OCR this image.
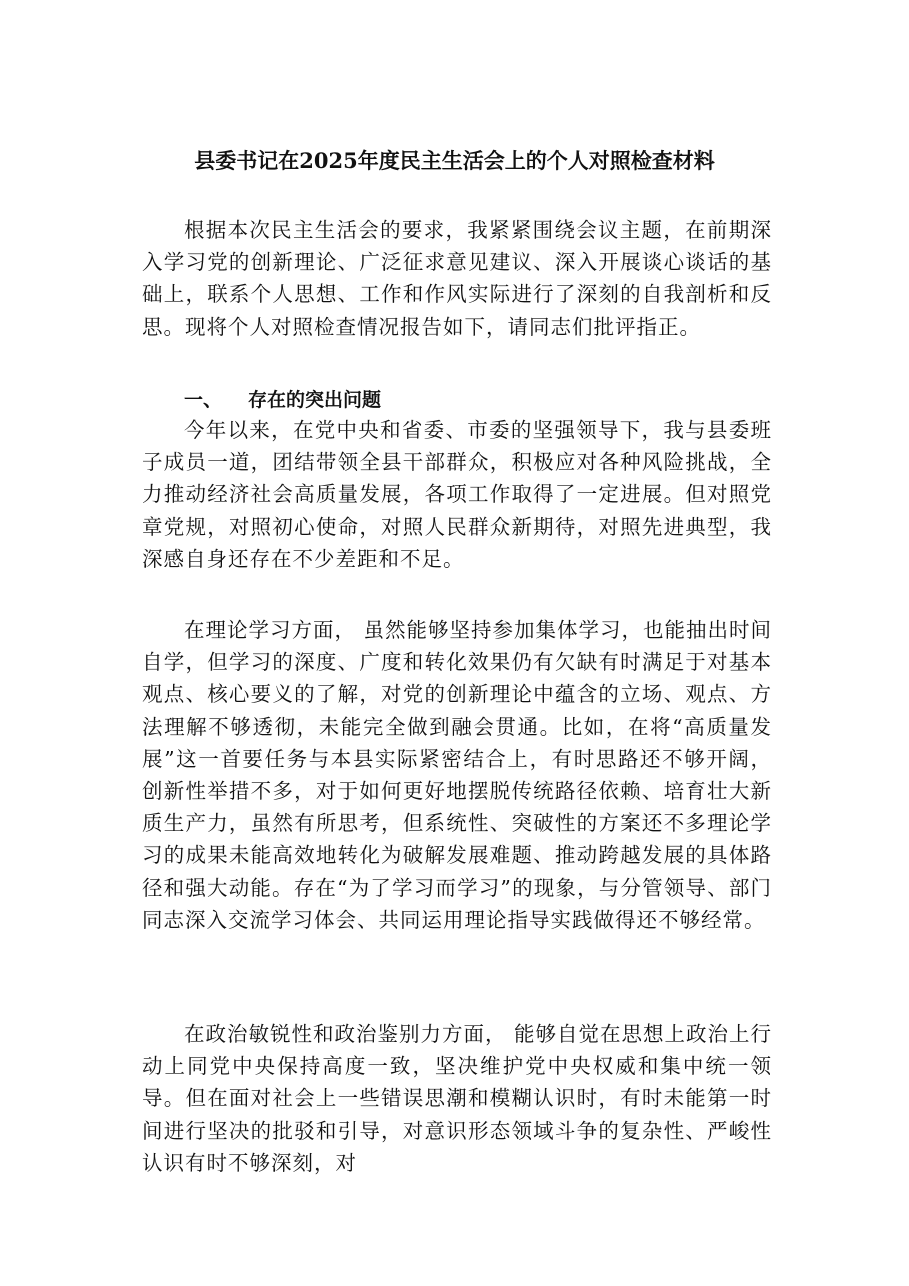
县委书记在2025年度民主生活会上的个人对照检查材料

根据本次民主生活会的要求，我紧紧围绕会议主题，在前期深入学习党的创新理论、广泛征求意见建议、深入开展谈心谈话的基础上，联系个人思想、工作和作风实际进行了深刻的自我剖析和反思。现将个人对照检查情况报告如下，请同志们批评指正。

一、 存在的突出问题

今年以来，在党中央和省委、市委的坚强领导下，我与县委班子成员一道，团结带领全县干部群众，积极应对各种风险挑战，全力推动经济社会高质量发展，各项工作取得了一定进展。但对照党章党规，对照初心使命，对照人民群众新期待，对照先进典型，我深感自身还存在不少差距和不足。

在理论学习方面， 虽然能够坚持参加集体学习，也能抽出时间自学，但学习的深度、广度和转化效果仍有欠缺有时满足于对基本观点、核心要义的了解，对党的创新理论中蕴含的立场、观点、方法理解不够透彻，未能完全做到融会贯通。比如，在将“高质量发展”这一首要任务与本县实际紧密结合上，有时思路还不够开阔，创新性举措不多，对于如何更好地摆脱传统路径依赖、培育壮大新质生产力，虽然有所思考，但系统性、突破性的方案还不多理论学习的成果未能高效地转化为破解发展难题、推动跨越发展的具体路径和强大动能。存在“为了学习而学习”的现象，与分管领导、部门同志深入交流学习体会、共同运用理论指导实践做得还不够经常。

在政治敏锐性和政治鉴别力方面， 能够自觉在思想上政治上行动上同党中央保持高度一致，坚决维护党中央权威和集中统一领导。但在面对社会上一些错误思潮和模糊认识时，有时未能第一时间进行坚决的批驳和引导，对意识形态领域斗争的复杂性、严峻性认识有时不够深刻，对
